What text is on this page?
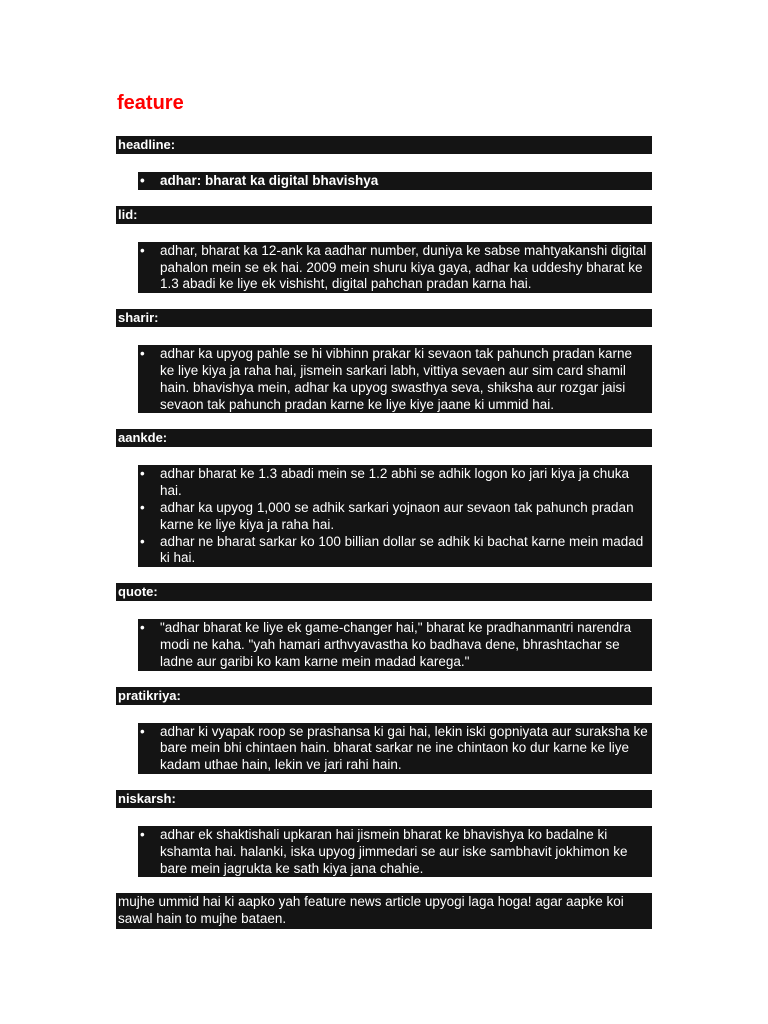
feature
headline:
• adhar: bharat ka digital bhavishya
lid:
• adhar, bharat ka 12-ank ka aadhar number, duniya ke sabse mahtyakanshi digital pahalon mein se ek hai. 2009 mein shuru kiya gaya, adhar ka uddeshy bharat ke 1.3 abadi ke liye ek vishisht, digital pahchan pradan karna hai.
sharir:
• adhar ka upyog pahle se hi vibhinn prakar ki sevaon tak pahunch pradan karne ke liye kiya ja raha hai, jismein sarkari labh, vittiya sevaen aur sim card shamil hain. bhavishya mein, adhar ka upyog swasthya seva, shiksha aur rozgar jaisi sevaon tak pahunch pradan karne ke liye kiye jaane ki ummid hai.
aankde:
• adhar bharat ke 1.3 abadi mein se 1.2 abhi se adhik logon ko jari kiya ja chuka hai.
• adhar ka upyog 1,000 se adhik sarkari yojnaon aur sevaon tak pahunch pradan karne ke liye kiya ja raha hai.
• adhar ne bharat sarkar ko 100 billian dollar se adhik ki bachat karne mein madad ki hai.
quote:
• "adhar bharat ke liye ek game-changer hai," bharat ke pradhanmantri narendra modi ne kaha. "yah hamari arthvyavastha ko badhava dene, bhrashtachar se ladne aur garibi ko kam karne mein madad karega."
pratikriya:
• adhar ki vyapak roop se prashansa ki gai hai, lekin iski gopniyata aur suraksha ke bare mein bhi chintaen hain. bharat sarkar ne ine chintaon ko dur karne ke liye kadam uthae hain, lekin ve jari rahi hain.
niskarsh:
• adhar ek shaktishali upkaran hai jismein bharat ke bhavishya ko badalne ki kshamta hai. halanki, iska upyog jimmedari se aur iske sambhavit jokhimon ke bare mein jagrukta ke sath kiya jana chahie.
mujhe ummid hai ki aapko yah feature news article upyogi laga hoga! agar aapke koi sawal hain to mujhe bataen.
